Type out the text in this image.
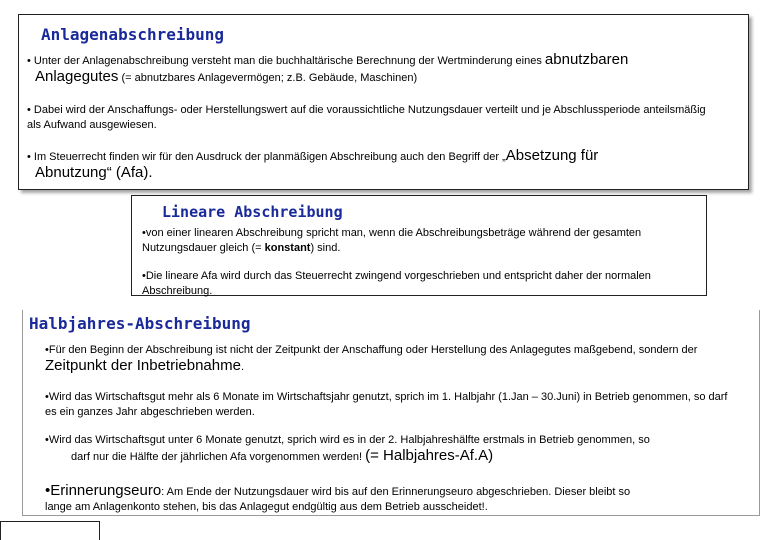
Anlagenabschreibung
• Unter der Anlagenabschreibung versteht man die buchhaltärische Berechnung der Wertminderung eines abnutzbaren
Anlagegutes (= abnutzbares Anlagevermögen; z.B. Gebäude, Maschinen)
• Dabei wird der Anschaffungs- oder Herstellungswert auf die voraussichtliche Nutzungsdauer verteilt und je Abschlussperiode anteilsmäßig als Aufwand ausgewiesen.
• Im Steuerrecht finden wir für den Ausdruck der planmäßigen Abschreibung auch den Begriff der „Absetzung für
Abnutzung“ (Afa).
Lineare Abschreibung
•von einer linearen Abschreibung spricht man, wenn die Abschreibungsbeträge während der gesamten Nutzungsdauer gleich (= konstant) sind.
•Die lineare Afa wird durch das Steuerrecht zwingend vorgeschrieben und entspricht daher der normalen Abschreibung.
Halbjahres-Abschreibung
•Für den Beginn der Abschreibung ist nicht der Zeitpunkt der Anschaffung oder Herstellung des Anlagegutes maßgebend, sondern der Zeitpunkt der Inbetriebnahme.
•Wird das Wirtschaftsgut mehr als 6 Monate im Wirtschaftsjahr genutzt, sprich im 1. Halbjahr (1.Jan – 30.Juni) in Betrieb genommen, so darf es ein ganzes Jahr abgeschrieben werden.
•Wird das Wirtschaftsgut unter 6 Monate genutzt, sprich wird es in der 2. Halbjahreshälfte erstmals in Betrieb genommen, so
darf nur die Hälfte der jährlichen Afa vorgenommen werden! (= Halbjahres-Af.A)
•Erinnerungseuro: Am Ende der Nutzungsdauer wird bis auf den Erinnerungseuro abgeschrieben. Dieser bleibt so
lange am Anlagenkonto stehen, bis das Anlagegut endgültig aus dem Betrieb ausscheidet!.
